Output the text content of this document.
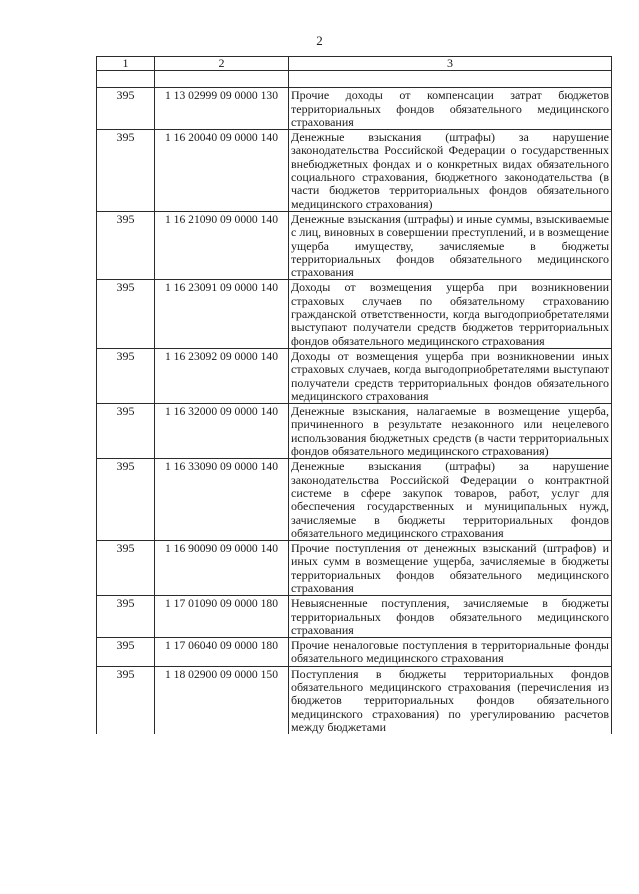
2
1	2	3

395	1 13 02999 09 0000 130	Прочие доходы от компенсации затрат бюджетов территориальных фондов обязательного медицинского страхования
395	1 16 20040 09 0000 140	Денежные взыскания (штрафы) за нарушение законодательства Российской Федерации о государственных внебюджетных фондах и о конкретных видах обязательного социального страхования, бюджетного законодательства (в части бюджетов территориальных фондов обязательного медицинского страхования)
395	1 16 21090 09 0000 140	Денежные взыскания (штрафы) и иные суммы, взыскиваемые с лиц, виновных в совершении преступлений, и в возмещение ущерба имуществу, зачисляемые в бюджеты территориальных фондов обязательного медицинского страхования
395	1 16 23091 09 0000 140	Доходы от возмещения ущерба при возникновении страховых случаев по обязательному страхованию гражданской ответственности, когда выгодоприобретателями выступают получатели средств бюджетов территориальных фондов обязательного медицинского страхования
395	1 16 23092 09 0000 140	Доходы от возмещения ущерба при возникновении иных страховых случаев, когда выгодоприобретателями выступают получатели средств территориальных фондов обязательного медицинского страхования
395	1 16 32000 09 0000 140	Денежные взыскания, налагаемые в возмещение ущерба, причиненного в результате незаконного или нецелевого использования бюджетных средств (в части территориальных фондов обязательного медицинского страхования)
395	1 16 33090 09 0000 140	Денежные взыскания (штрафы) за нарушение законодательства Российской Федерации о контрактной системе в сфере закупок товаров, работ, услуг для обеспечения государственных и муниципальных нужд, зачисляемые в бюджеты территориальных фондов обязательного медицинского страхования
395	1 16 90090 09 0000 140	Прочие поступления от денежных взысканий (штрафов) и иных сумм в возмещение ущерба, зачисляемые в бюджеты территориальных фондов обязательного медицинского страхования
395	1 17 01090 09 0000 180	Невыясненные поступления, зачисляемые в бюджеты территориальных фондов обязательного медицинского страхования
395	1 17 06040 09 0000 180	Прочие неналоговые поступления в территориальные фонды обязательного медицинского страхования
395	1 18 02900 09 0000 150	Поступления в бюджеты территориальных фондов обязательного медицинского страхования (перечисления из бюджетов территориальных фондов обязательного медицинского страхования) по урегулированию расчетов между бюджетами
